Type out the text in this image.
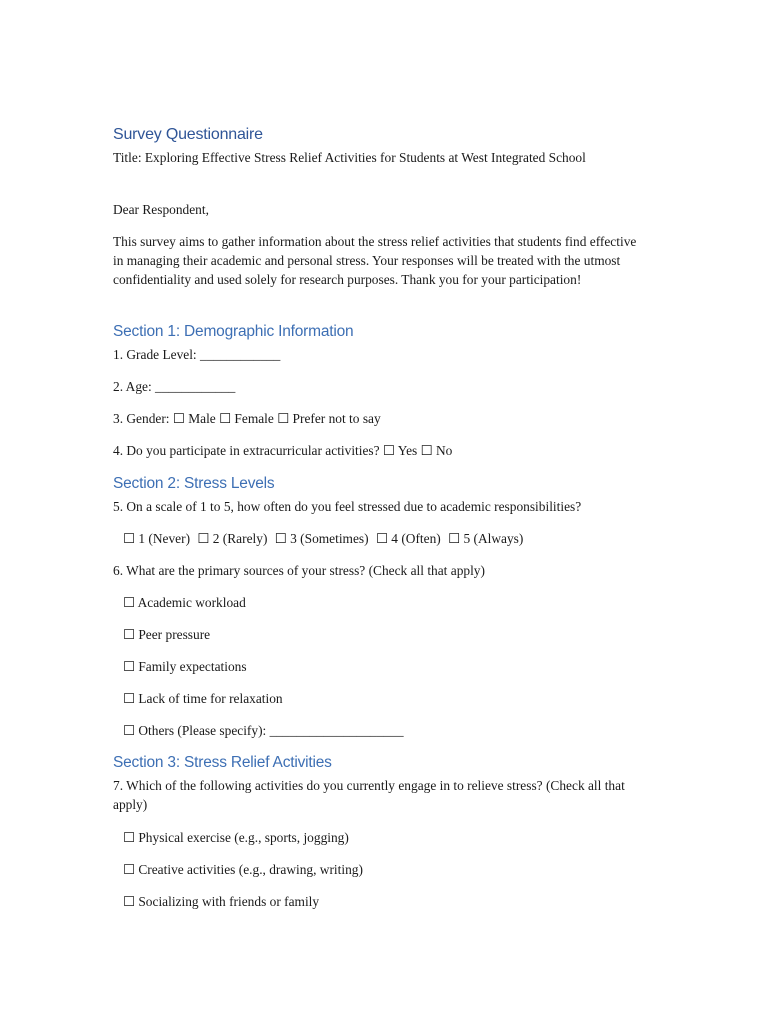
Survey Questionnaire
Title: Exploring Effective Stress Relief Activities for Students at West Integrated School
Dear Respondent,
This survey aims to gather information about the stress relief activities that students find effective in managing their academic and personal stress. Your responses will be treated with the utmost confidentiality and used solely for research purposes. Thank you for your participation!
Section 1: Demographic Information
1. Grade Level: ____________
2. Age: ____________
3. Gender: ☐ Male ☐ Female ☐ Prefer not to say
4. Do you participate in extracurricular activities? ☐ Yes ☐ No
Section 2: Stress Levels
5. On a scale of 1 to 5, how often do you feel stressed due to academic responsibilities?
☐ 1 (Never) ☐ 2 (Rarely) ☐ 3 (Sometimes) ☐ 4 (Often) ☐ 5 (Always)
6. What are the primary sources of your stress? (Check all that apply)
☐ Academic workload
☐ Peer pressure
☐ Family expectations
☐ Lack of time for relaxation
☐ Others (Please specify): ____________________
Section 3: Stress Relief Activities
7. Which of the following activities do you currently engage in to relieve stress? (Check all that apply)
☐ Physical exercise (e.g., sports, jogging)
☐ Creative activities (e.g., drawing, writing)
☐ Socializing with friends or family
